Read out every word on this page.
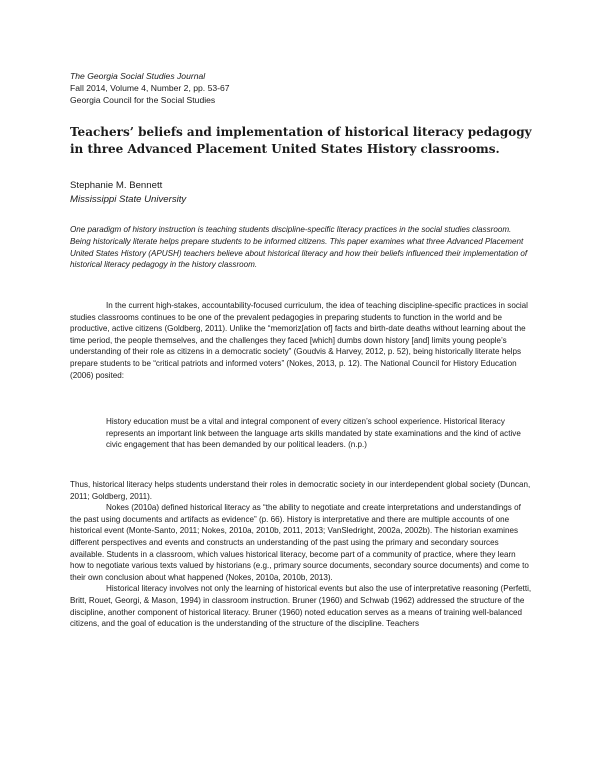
The Georgia Social Studies Journal
Fall 2014, Volume 4, Number 2, pp. 53-67
Georgia Council for the Social Studies
Teachers’ beliefs and implementation of historical literacy pedagogy in three Advanced Placement United States History classrooms.
Stephanie M. Bennett
Mississippi State University
One paradigm of history instruction is teaching students discipline-specific literacy practices in the social studies classroom. Being historically literate helps prepare students to be informed citizens. This paper examines what three Advanced Placement United States History (APUSH) teachers believe about historical literacy and how their beliefs influenced their implementation of historical literacy pedagogy in the history classroom.

In the current high-stakes, accountability-focused curriculum, the idea of teaching discipline-specific practices in social studies classrooms continues to be one of the prevalent pedagogies in preparing students to function in the world and be productive, active citizens (Goldberg, 2011). Unlike the “memoriz[ation of] facts and birth-date deaths without learning about the time period, the people themselves, and the challenges they faced [which] dumbs down history [and] limits young people’s understanding of their role as citizens in a democratic society” (Goudvis & Harvey, 2012, p. 52), being historically literate helps prepare students to be “critical patriots and informed voters” (Nokes, 2013, p. 12). The National Council for History Education (2006) posited:

History education must be a vital and integral component of every citizen’s school experience. Historical literacy represents an important link between the language arts skills mandated by state examinations and the kind of active civic engagement that has been demanded by our political leaders. (n.p.)

Thus, historical literacy helps students understand their roles in democratic society in our interdependent global society (Duncan, 2011; Goldberg, 2011).

Nokes (2010a) defined historical literacy as “the ability to negotiate and create interpretations and understandings of the past using documents and artifacts as evidence” (p. 66). History is interpretative and there are multiple accounts of one historical event (Monte-Santo, 2011; Nokes, 2010a, 2010b, 2011, 2013; VanSledright, 2002a, 2002b). The historian examines different perspectives and events and constructs an understanding of the past using the primary and secondary sources available. Students in a classroom, which values historical literacy, become part of a community of practice, where they learn how to negotiate various texts valued by historians (e.g., primary source documents, secondary source documents) and come to their own conclusion about what happened (Nokes, 2010a, 2010b, 2013).

Historical literacy involves not only the learning of historical events but also the use of interpretative reasoning (Perfetti, Britt, Rouet, Georgi, & Mason, 1994) in classroom instruction. Bruner (1960) and Schwab (1962) addressed the structure of the discipline, another component of historical literacy. Bruner (1960) noted education serves as a means of training well-balanced citizens, and the goal of education is the understanding of the structure of the discipline. Teachers
